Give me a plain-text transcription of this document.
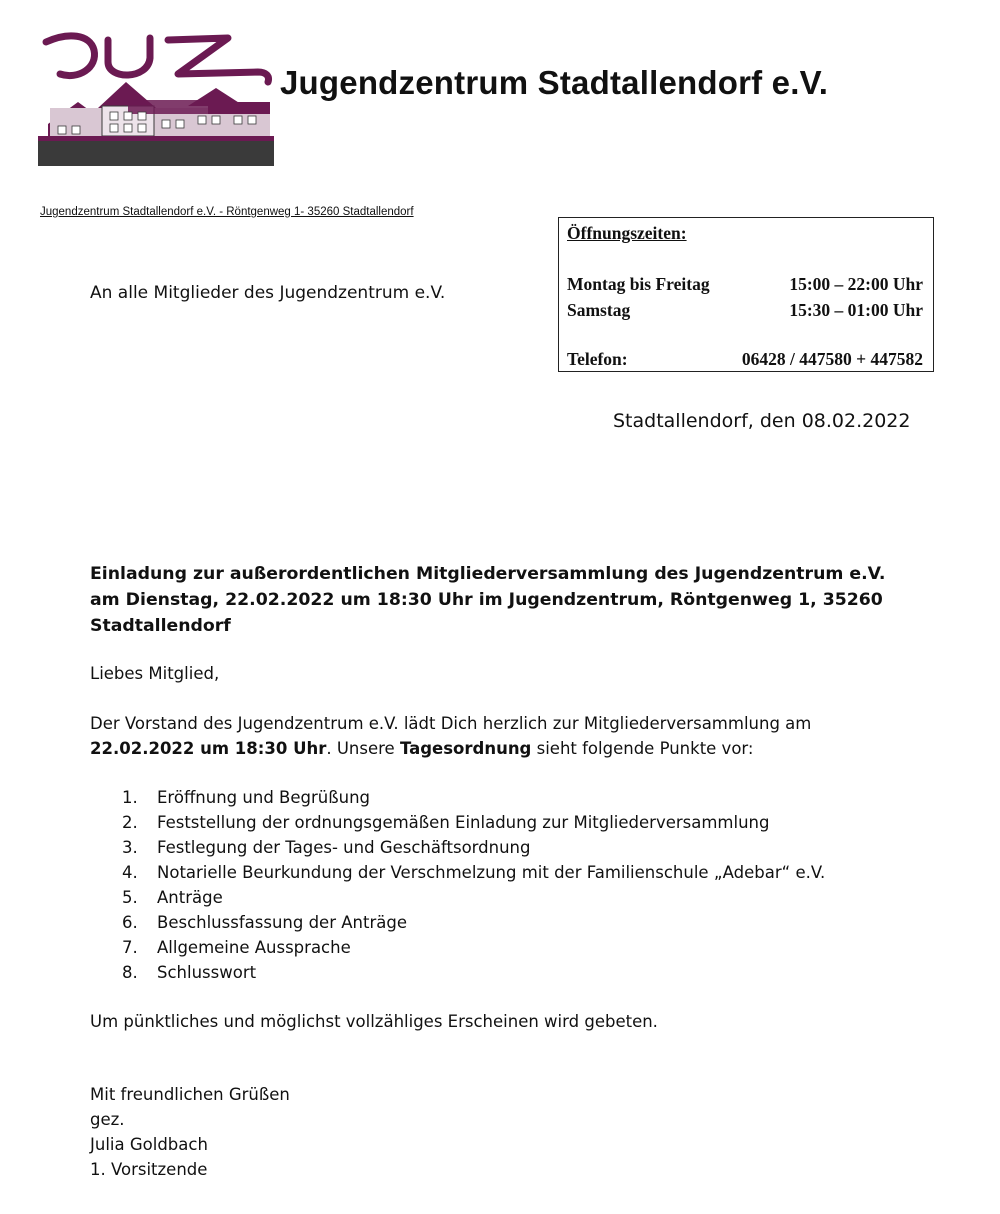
Jugendzentrum Stadtallendorf e.V.
Jugendzentrum Stadtallendorf e.V. - Röntgenweg 1- 35260 Stadtallendorf
Öffnungszeiten:
Montag bis Freitag	15:00 – 22:00 Uhr
Samstag	15:30 – 01:00 Uhr
Telefon:	06428 / 447580 + 447582
An alle Mitglieder des Jugendzentrum e.V.
Stadtallendorf, den 08.02.2022
Einladung zur außerordentlichen Mitgliederversammlung des Jugendzentrum e.V.
am Dienstag, 22.02.2022 um 18:30 Uhr im Jugendzentrum, Röntgenweg 1, 35260
Stadtallendorf
Liebes Mitglied,
Der Vorstand des Jugendzentrum e.V. lädt Dich herzlich zur Mitgliederversammlung am
22.02.2022 um 18:30 Uhr. Unsere Tagesordnung sieht folgende Punkte vor:
1. Eröffnung und Begrüßung
2. Feststellung der ordnungsgemäßen Einladung zur Mitgliederversammlung
3. Festlegung der Tages- und Geschäftsordnung
4. Notarielle Beurkundung der Verschmelzung mit der Familienschule „Adebar“ e.V.
5. Anträge
6. Beschlussfassung der Anträge
7. Allgemeine Aussprache
8. Schlusswort
Um pünktliches und möglichst vollzähliges Erscheinen wird gebeten.
Mit freundlichen Grüßen
gez.
Julia Goldbach
1. Vorsitzende
